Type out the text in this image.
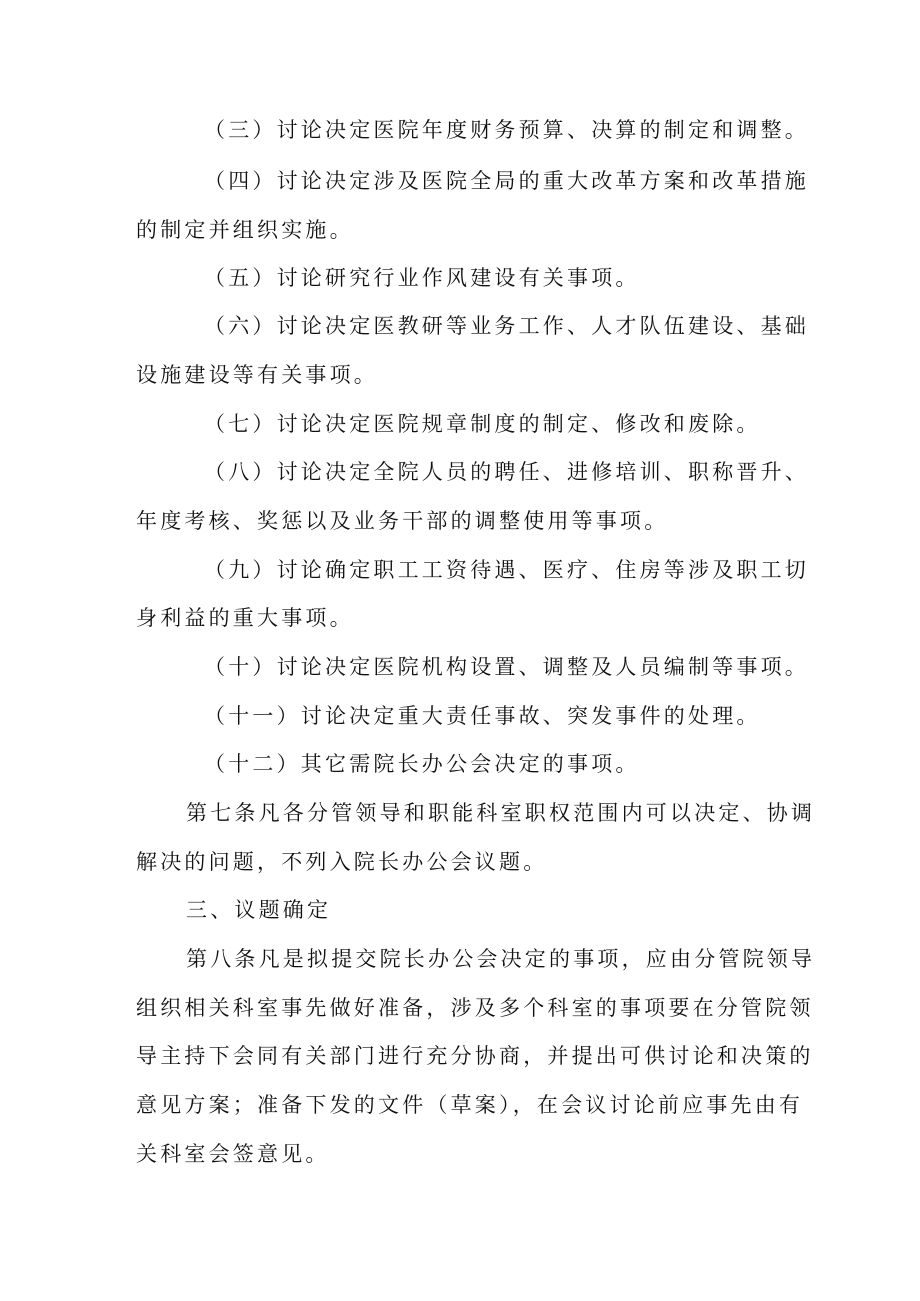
（三）讨论决定医院年度财务预算、决算的制定和调整。
（四）讨论决定涉及医院全局的重大改革方案和改革措施
的制定并组织实施。
（五）讨论研究行业作风建设有关事项。
（六）讨论决定医教研等业务工作、人才队伍建设、基础
设施建设等有关事项。
（七）讨论决定医院规章制度的制定、修改和废除。
（八）讨论决定全院人员的聘任、进修培训、职称晋升、
年度考核、奖惩以及业务干部的调整使用等事项。
（九）讨论确定职工工资待遇、医疗、住房等涉及职工切
身利益的重大事项。
（十）讨论决定医院机构设置、调整及人员编制等事项。
（十一）讨论决定重大责任事故、突发事件的处理。
（十二）其它需院长办公会决定的事项。
第七条凡各分管领导和职能科室职权范围内可以决定、协调
解决的问题，不列入院长办公会议题。
三、议题确定
第八条凡是拟提交院长办公会决定的事项，应由分管院领导
组织相关科室事先做好准备，涉及多个科室的事项要在分管院领
导主持下会同有关部门进行充分协商，并提出可供讨论和决策的
意见方案；准备下发的文件（草案），在会议讨论前应事先由有
关科室会签意见。
